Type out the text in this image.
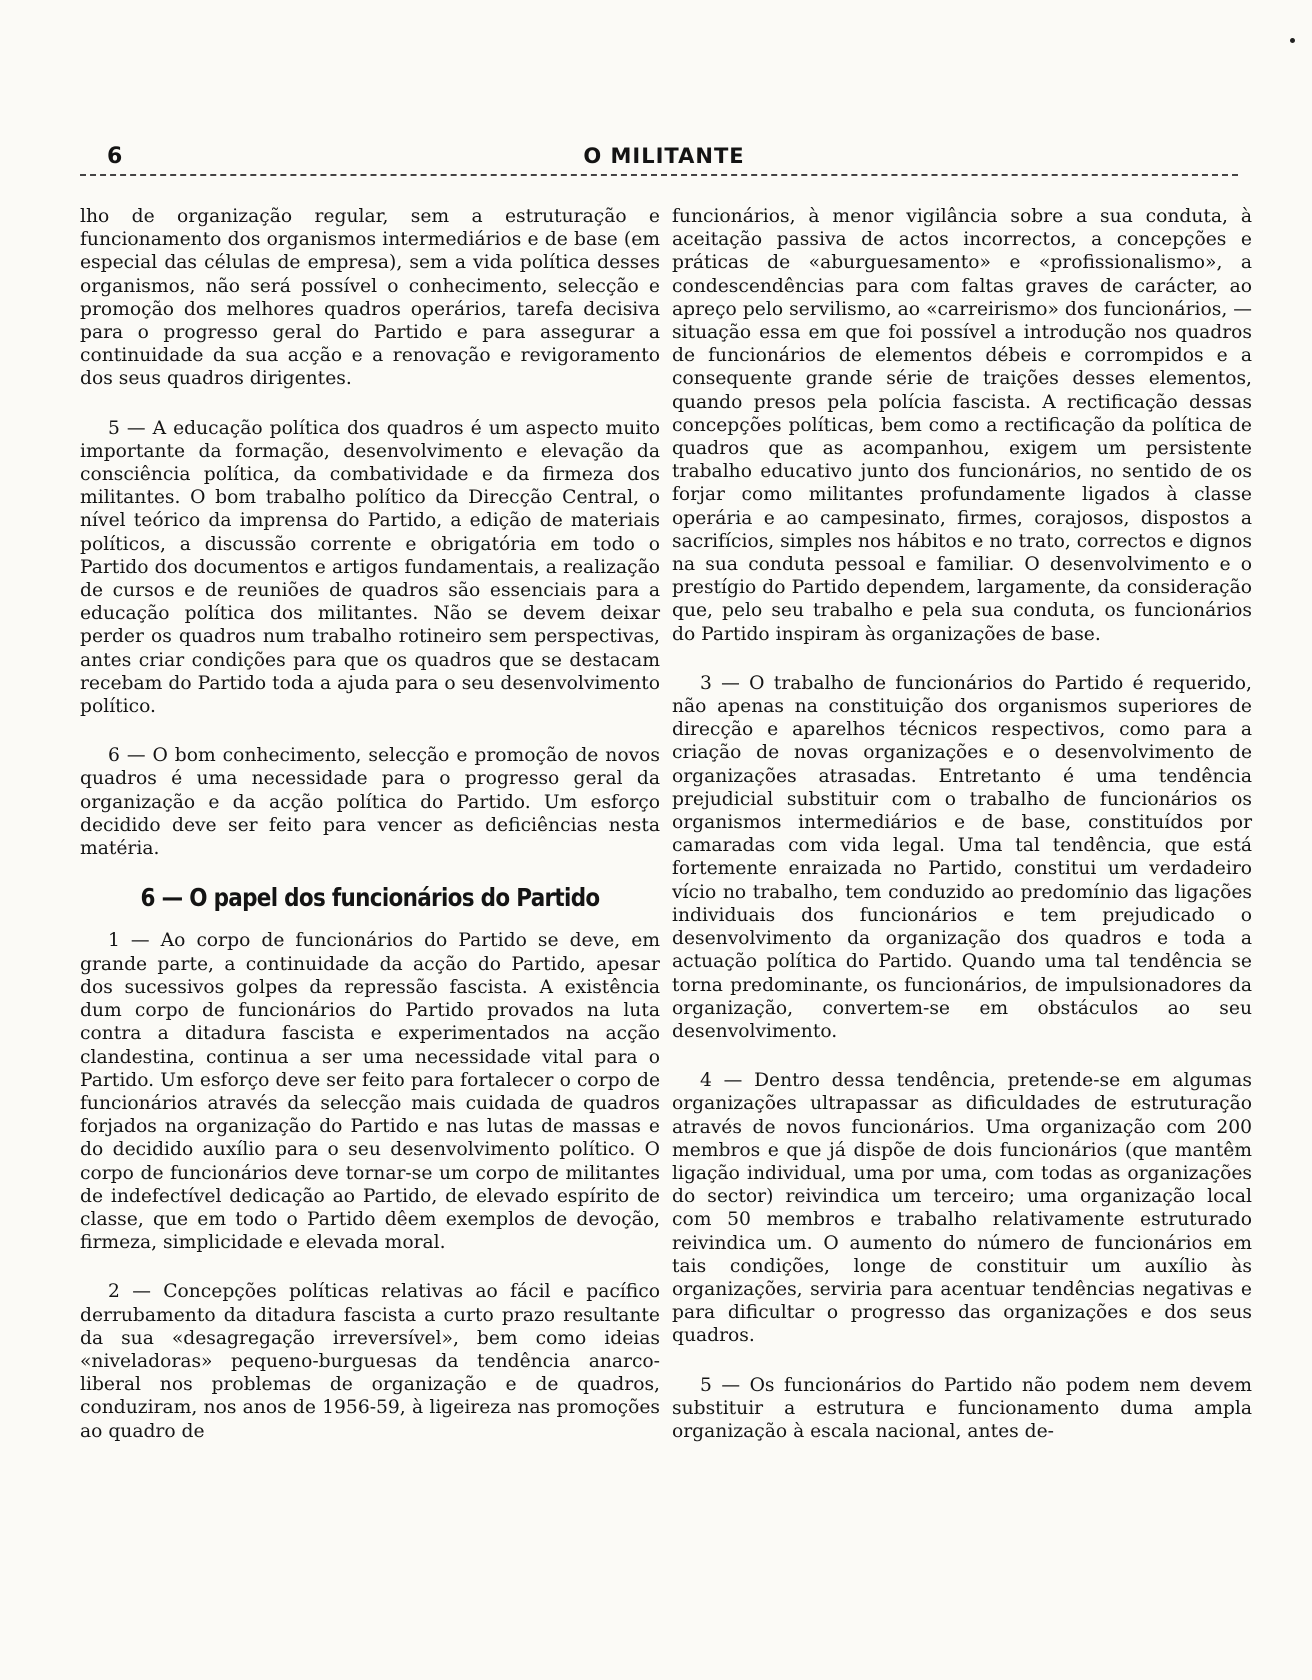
6	O MILITANTE

lho de organização regular, sem a estruturação e funcionamento dos organismos intermediários e de base (em especial das células de empresa), sem a vida política desses organismos, não será possível o conhecimento, selecção e promoção dos melhores quadros operários, tarefa decisiva para o progresso geral do Partido e para assegurar a continuidade da sua acção e a renovação e revigoramento dos seus quadros dirigentes.

5 — A educação política dos quadros é um aspecto muito importante da formação, desenvolvimento e elevação da consciência política, da combatividade e da firmeza dos militantes. O bom trabalho político da Direcção Central, o nível teórico da imprensa do Partido, a edição de materiais políticos, a discussão corrente e obrigatória em todo o Partido dos documentos e artigos fundamentais, a realização de cursos e de reuniões de quadros são essenciais para a educação política dos militantes. Não se devem deixar perder os quadros num trabalho rotineiro sem perspectivas, antes criar condições para que os quadros que se destacam recebam do Partido toda a ajuda para o seu desenvolvimento político.

6 — O bom conhecimento, selecção e promoção de novos quadros é uma necessidade para o progresso geral da organização e da acção política do Partido. Um esforço decidido deve ser feito para vencer as deficiências nesta matéria.

6 — O papel dos funcionários do Partido

1 — Ao corpo de funcionários do Partido se deve, em grande parte, a continuidade da acção do Partido, apesar dos sucessivos golpes da repressão fascista. A existência dum corpo de funcionários do Partido provados na luta contra a ditadura fascista e experimentados na acção clandestina, continua a ser uma necessidade vital para o Partido. Um esforço deve ser feito para fortalecer o corpo de funcionários através da selecção mais cuidada de quadros forjados na organização do Partido e nas lutas de massas e do decidido auxílio para o seu desenvolvimento político. O corpo de funcionários deve tornar-se um corpo de militantes de indefectível dedicação ao Partido, de elevado espírito de classe, que em todo o Partido dêem exemplos de devoção, firmeza, simplicidade e elevada moral.

2 — Concepções políticas relativas ao fácil e pacífico derrubamento da ditadura fascista a curto prazo resultante da sua «desagregação irreversível», bem como ideias «niveladoras» pequeno-burguesas da tendência anarco-liberal nos problemas de organização e de quadros, conduziram, nos anos de 1956-59, à ligeireza nas promoções ao quadro de

funcionários, à menor vigilância sobre a sua conduta, à aceitação passiva de actos incorrectos, a concepções e práticas de «aburguesamento» e «profissionalismo», a condescendências para com faltas graves de carácter, ao apreço pelo servilismo, ao «carreirismo» dos funcionários, — situação essa em que foi possível a introdução nos quadros de funcionários de elementos débeis e corrompidos e a consequente grande série de traições desses elementos, quando presos pela polícia fascista. A rectificação dessas concepções políticas, bem como a rectificação da política de quadros que as acompanhou, exigem um persistente trabalho educativo junto dos funcionários, no sentido de os forjar como militantes profundamente ligados à classe operária e ao campesinato, firmes, corajosos, dispostos a sacrifícios, simples nos hábitos e no trato, correctos e dignos na sua conduta pessoal e familiar. O desenvolvimento e o prestígio do Partido dependem, largamente, da consideração que, pelo seu trabalho e pela sua conduta, os funcionários do Partido inspiram às organizações de base.

3 — O trabalho de funcionários do Partido é requerido, não apenas na constituição dos organismos superiores de direcção e aparelhos técnicos respectivos, como para a criação de novas organizações e o desenvolvimento de organizações atrasadas. Entretanto é uma tendência prejudicial substituir com o trabalho de funcionários os organismos intermediários e de base, constituídos por camaradas com vida legal. Uma tal tendência, que está fortemente enraizada no Partido, constitui um verdadeiro vício no trabalho, tem conduzido ao predomínio das ligações individuais dos funcionários e tem prejudicado o desenvolvimento da organização dos quadros e toda a actuação política do Partido. Quando uma tal tendência se torna predominante, os funcionários, de impulsionadores da organização, convertem-se em obstáculos ao seu desenvolvimento.

4 — Dentro dessa tendência, pretende-se em algumas organizações ultrapassar as dificuldades de estruturação através de novos funcionários. Uma organização com 200 membros e que já dispõe de dois funcionários (que mantêm ligação individual, uma por uma, com todas as organizações do sector) reivindica um terceiro; uma organização local com 50 membros e trabalho relativamente estruturado reivindica um. O aumento do número de funcionários em tais condições, longe de constituir um auxílio às organizações, serviria para acentuar tendências negativas e para dificultar o progresso das organizações e dos seus quadros.

5 — Os funcionários do Partido não podem nem devem substituir a estrutura e funcionamento duma ampla organização à escala nacional, antes de-
